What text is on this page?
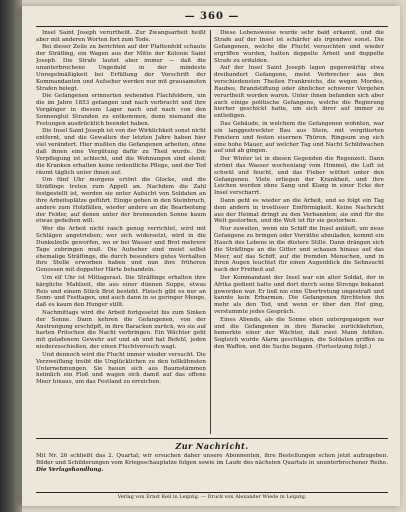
— 360 —

Insel Saint Joseph verurtheilt. Zur Zwangsarbeit heißt aber mit anderen Worten fort zum Tode.

Bei dieser Zeile zu berichten auf der Plattenfeld schaute der Sträfling, ein Wagen aus der Mitte der Kolonie Saint Joseph. Die Strafe lautet aber immer — daß die ununterbrochene Ungeduld in der mindeste Unregelmäßigkeit bei Erfüllung der Vorschrift der Kommandanten und Aufseher werden nur mit grausamsten Strafen belegt.

Die Gefangenen erinnerten wehenden Flachfeldern, um die im Jahre 1853 gefangen und nach verbracht und ihre Vorgänger in diesem Lager nach und nach von den Sonnenglut Stranden zu entkommen, denn niemand die Festungen ausdrücklich beendet haben.

Die Insel Saint Joseph ist von der Wirklichkeit sonst nicht entfernt, und die Gewalten der letzten Jahre haben hier viel verändert. Hier mußten die Gefangenen arbeiten, ohne daß ihnen eine Vergütung dafür zu Theil wurde. Die Verpflegung ist schlecht, und die Wohnungen sind elend; die Kranken erhalten keine ordentliche Pflege, und der Tod räumt täglich unter ihnen auf.

Um fünf Uhr morgens ertönt die Glocke, und die Sträflinge treten zum Appell an. Nachdem die Zahl festgestellt ist, werden sie unter Aufsicht von Soldaten an ihre Arbeitsplätze geführt. Einige gehen in den Steinbruch, andere zum Holzfällen, wieder andere an die Bearbeitung der Felder, auf denen unter der brennenden Sonne kaum etwas gedeihen will.

Wer die Arbeit nicht rasch genug verrichtet, wird mit Schlägen angetrieben; wer sich widersetzt, wird in die Dunkelzelle geworfen, wo er bei Wasser und Brot mehrere Tage zubringen muß. Die Aufseher sind meist selbst ehemalige Sträflinge, die durch besonders gutes Verhalten ihre Stelle erworben haben und nun ihre früheren Genossen mit doppelter Härte behandeln.

Um elf Uhr ist Mittagsrast. Die Sträflinge erhalten ihre kärgliche Mahlzeit, die aus einer dünnen Suppe, etwas Reis und einem Stück Brot besteht. Fleisch gibt es nur an Sonn- und Festtagen, und auch dann in so geringer Menge, daß es kaum den Hunger stillt.

Nachmittags wird die Arbeit fortgesetzt bis zum Sinken der Sonne. Dann kehren die Gefangenen, von der Anstrengung erschöpft, in ihre Baracken zurück, wo sie auf harten Pritschen die Nacht verbringen. Ein Wächter geht mit geladenem Gewehr auf und ab und hat Befehl, jeden niederzuschießen, der einen Fluchtversuch wagt.

Und dennoch wird die Flucht immer wieder versucht. Die Verzweiflung treibt die Unglücklichen zu den tollkühnsten Unternehmungen. Sie bauen sich aus Baumstämmen heimlich ein Floß und wagen sich damit auf das offene Meer hinaus, um das Festland zu erreichen.

Diese Lebensweise wurde sehr bald erkannt, und die Strafe auf der Insel ist schärfer als irgendwo sonst. Die Gefangenen, welche die Flucht versuchten und wieder ergriffen wurden, hatten doppelte Arbeit und doppelte Strafe zu erdulden.

Auf der Insel Saint Joseph lagen gegenwärtig etwa dreihundert Gefangene, meist Verbrecher aus den verschiedensten Theilen Frankreichs, die wegen Mordes, Raubes, Brandstiftung oder ähnlicher schwerer Vergehen verurtheilt worden waren. Unter ihnen befanden sich aber auch einige politische Gefangene, welche die Regierung hierher geschickt hatte, um sich ihrer auf immer zu entledigen.

Das Gebäude, in welchem die Gefangenen wohnten, war ein langgestreckter Bau aus Stein, mit vergitterten Fenstern und festen eisernen Thüren. Ringsum zog sich eine hohe Mauer, auf welcher Tag und Nacht Schildwachen auf und ab gingen.

Der Winter ist in diesen Gegenden die Regenzeit. Dann strömt das Wasser wochenlang vom Himmel, die Luft ist schwül und feucht, und das Fieber wüthet unter den Gefangenen. Viele erliegen der Krankheit, und ihre Leichen werden ohne Sang und Klang in einer Ecke der Insel verscharrt.

Dann geht es wieder an die Arbeit, und so folgt ein Tag dem andern in trostloser Einförmigkeit. Keine Nachricht aus der Heimat dringt zu den Verbannten; sie sind für die Welt gestorben, und die Welt ist für sie gestorben.

Nur zuweilen, wenn ein Schiff die Insel anläuft, um neue Gefangene zu bringen oder Vorräthe abzuladen, kommt ein Hauch des Lebens in die düstere Stille. Dann drängen sich die Sträflinge an die Gitter und schauen hinaus auf das Meer, auf das Schiff, auf die fremden Menschen, und in ihren Augen leuchtet für einen Augenblick die Sehnsucht nach der Freiheit auf.

Der Kommandant der Insel war ein alter Soldat, der in Afrika gedient hatte und dort durch seine Strenge bekannt geworden war. Er ließ nie eine Übertretung ungestraft und kannte kein Erbarmen. Die Gefangenen fürchteten ihn mehr als den Tod, und wenn er über den Hof ging, verstummte jedes Gespräch.

Eines Abends, als die Sonne eben untergegangen war und die Gefangenen in ihre Baracke zurückkehrten, bemerkte einer der Wächter, daß zwei Mann fehlten. Sogleich wurde Alarm geschlagen, die Soldaten griffen zu den Waffen, und die Suche begann. (Fortsetzung folgt.)

Zur Nachricht.
Mit Nr. 26 schließt das 2. Quartal; wir ersuchen daher unsere Abonnenten, ihre Bestellungen schon jetzt aufzugeben. Bilder und Schilderungen vom Kriegsschauplatze folgen sowie im Laufe des nächsten Quartals in ununterbrochener Reihe. Die Verlagshandlung.
Verlag von Ernst Keil in Leipzig. — Druck von Alexander Wiede in Leipzig.
